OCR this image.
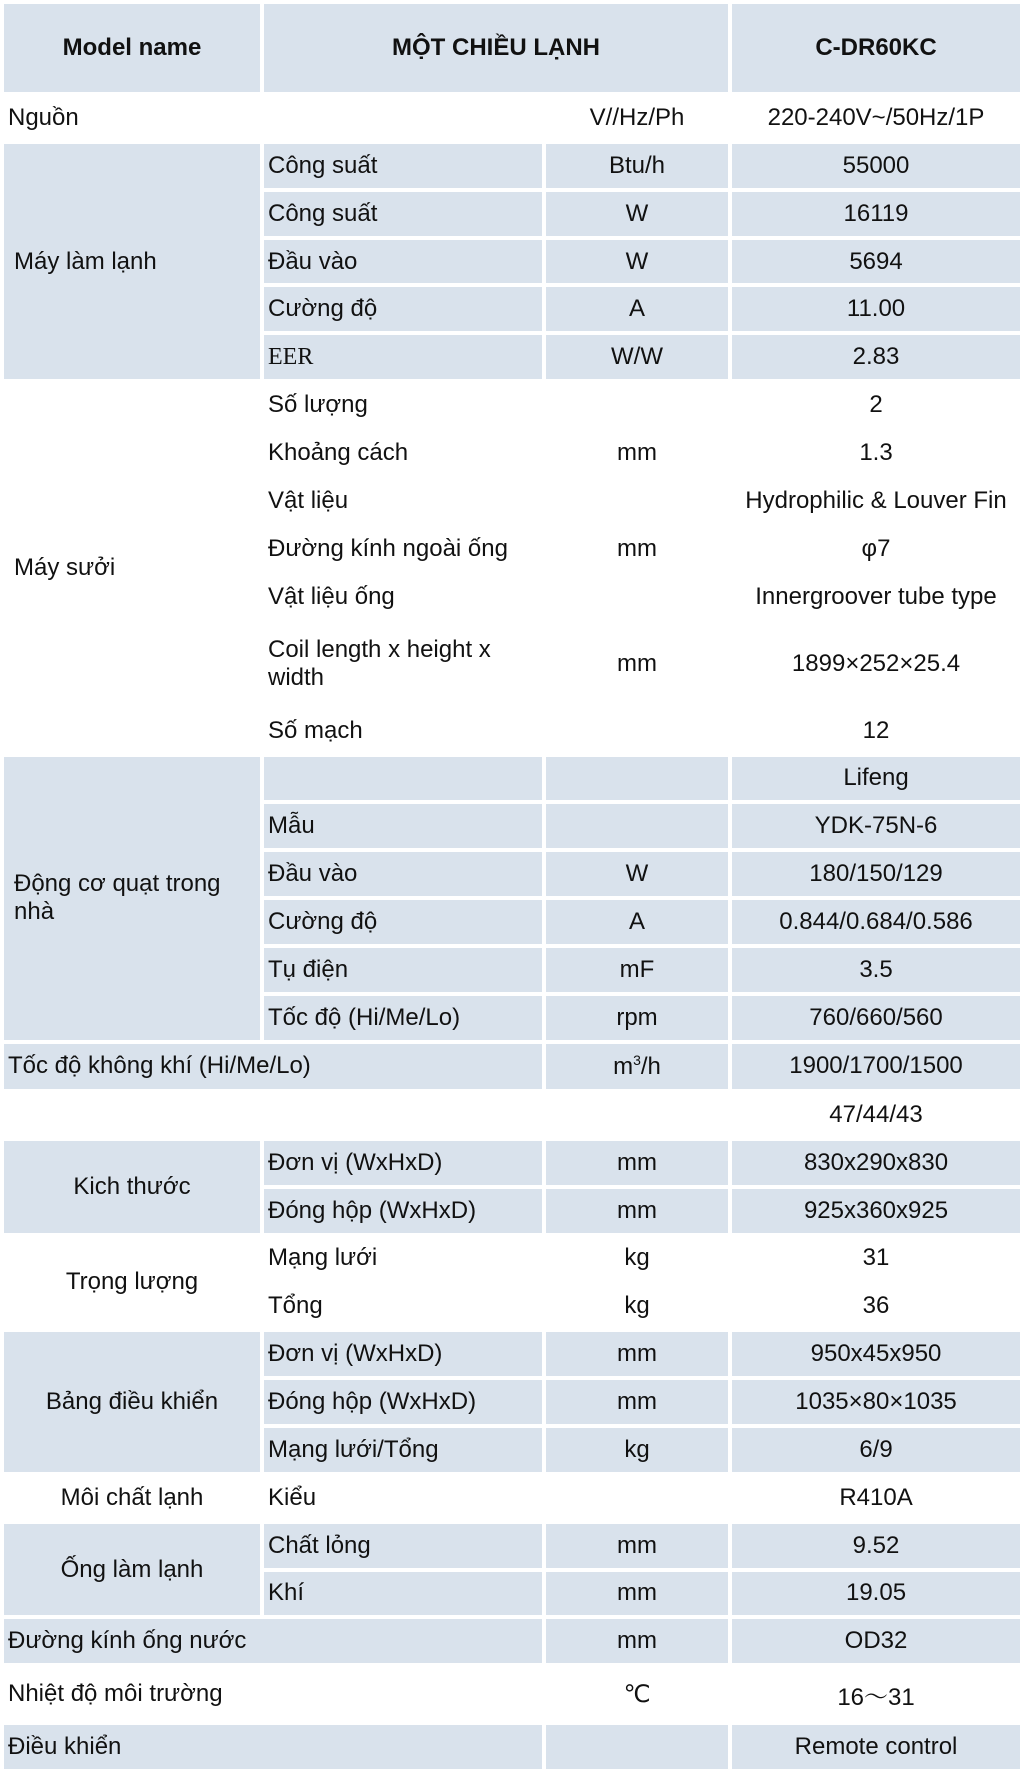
Model name	MỘT CHIỀU LẠNH		C-DR60KC
Nguồn		V//Hz/Ph	220-240V~/50Hz/1P
Máy làm lạnh	Công suất	Btu/h	55000
	Công suất	W	16119
	Đầu vào	W	5694
	Cường độ	A	11.00
	EER	W/W	2.83
Máy sưởi	Số lượng		2
	Khoảng cách	mm	1.3
	Vật liệu		Hydrophilic & Louver Fin
	Đường kính ngoài ống	mm	φ7
	Vật liệu ống		Innergroover tube type
	Coil length x height x width	mm	1899×252×25.4
	Số mạch		12
Động cơ quạt trong nhà			Lifeng
	Mẫu		YDK-75N-6
	Đầu vào	W	180/150/129
	Cường độ	A	0.844/0.684/0.586
	Tụ điện	mF	3.5
	Tốc độ (Hi/Me/Lo)	rpm	760/660/560
Tốc độ không khí (Hi/Me/Lo)		$m^3/h$	1900/1700/1500
			47/44/43
Kich thước	Đơn vị (WxHxD)	mm	830x290x830
	Đóng hộp (WxHxD)	mm	925x360x925
Trọng lượng	Mạng lưới	kg	31
	Tổng	kg	36
Bảng điều khiển	Đơn vị (WxHxD)	mm	950x45x950
	Đóng hộp (WxHxD)	mm	1035×80×1035
	Mạng lưới/Tổng	kg	6/9
Môi chất lạnh	Kiểu		R410A
Ống làm lạnh	Chất lỏng	mm	9.52
	Khí	mm	19.05
Đường kính ống nước		mm	OD32
Nhiệt độ môi trường		℃	16～31
Điều khiển			Remote control
